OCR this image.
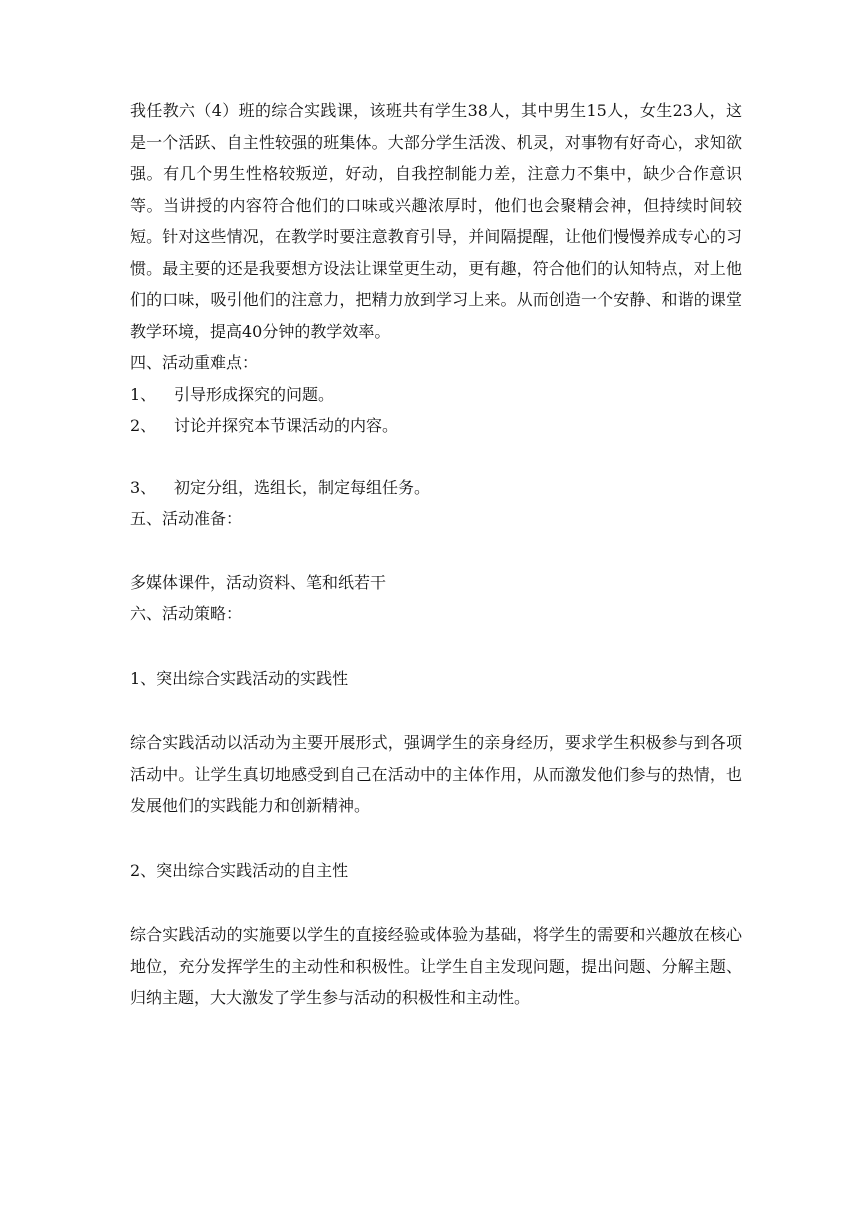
我任教六（4）班的综合实践课，该班共有学生38人，其中男生15人，女生23人，这是一个活跃、自主性较强的班集体。大部分学生活泼、机灵，对事物有好奇心，求知欲强。有几个男生性格较叛逆，好动，自我控制能力差，注意力不集中，缺少合作意识等。当讲授的内容符合他们的口味或兴趣浓厚时，他们也会聚精会神，但持续时间较短。针对这些情况，在教学时要注意教育引导，并间隔提醒，让他们慢慢养成专心的习惯。最主要的还是我要想方设法让课堂更生动，更有趣，符合他们的认知特点，对上他们的口味，吸引他们的注意力，把精力放到学习上来。从而创造一个安静、和谐的课堂教学环境，提高40分钟的教学效率。

四、活动重难点：

1、	引导形成探究的问题。
2、	讨论并探究本节课活动的内容。
3、	初定分组，选组长，制定每组任务。

五、活动准备：

多媒体课件，活动资料、笔和纸若干

六、活动策略：

1、突出综合实践活动的实践性

综合实践活动以活动为主要开展形式，强调学生的亲身经历，要求学生积极参与到各项活动中。让学生真切地感受到自己在活动中的主体作用，从而激发他们参与的热情，也发展他们的实践能力和创新精神。

2、突出综合实践活动的自主性

综合实践活动的实施要以学生的直接经验或体验为基础，将学生的需要和兴趣放在核心地位，充分发挥学生的主动性和积极性。让学生自主发现问题，提出问题、分解主题、归纳主题，大大激发了学生参与活动的积极性和主动性。
